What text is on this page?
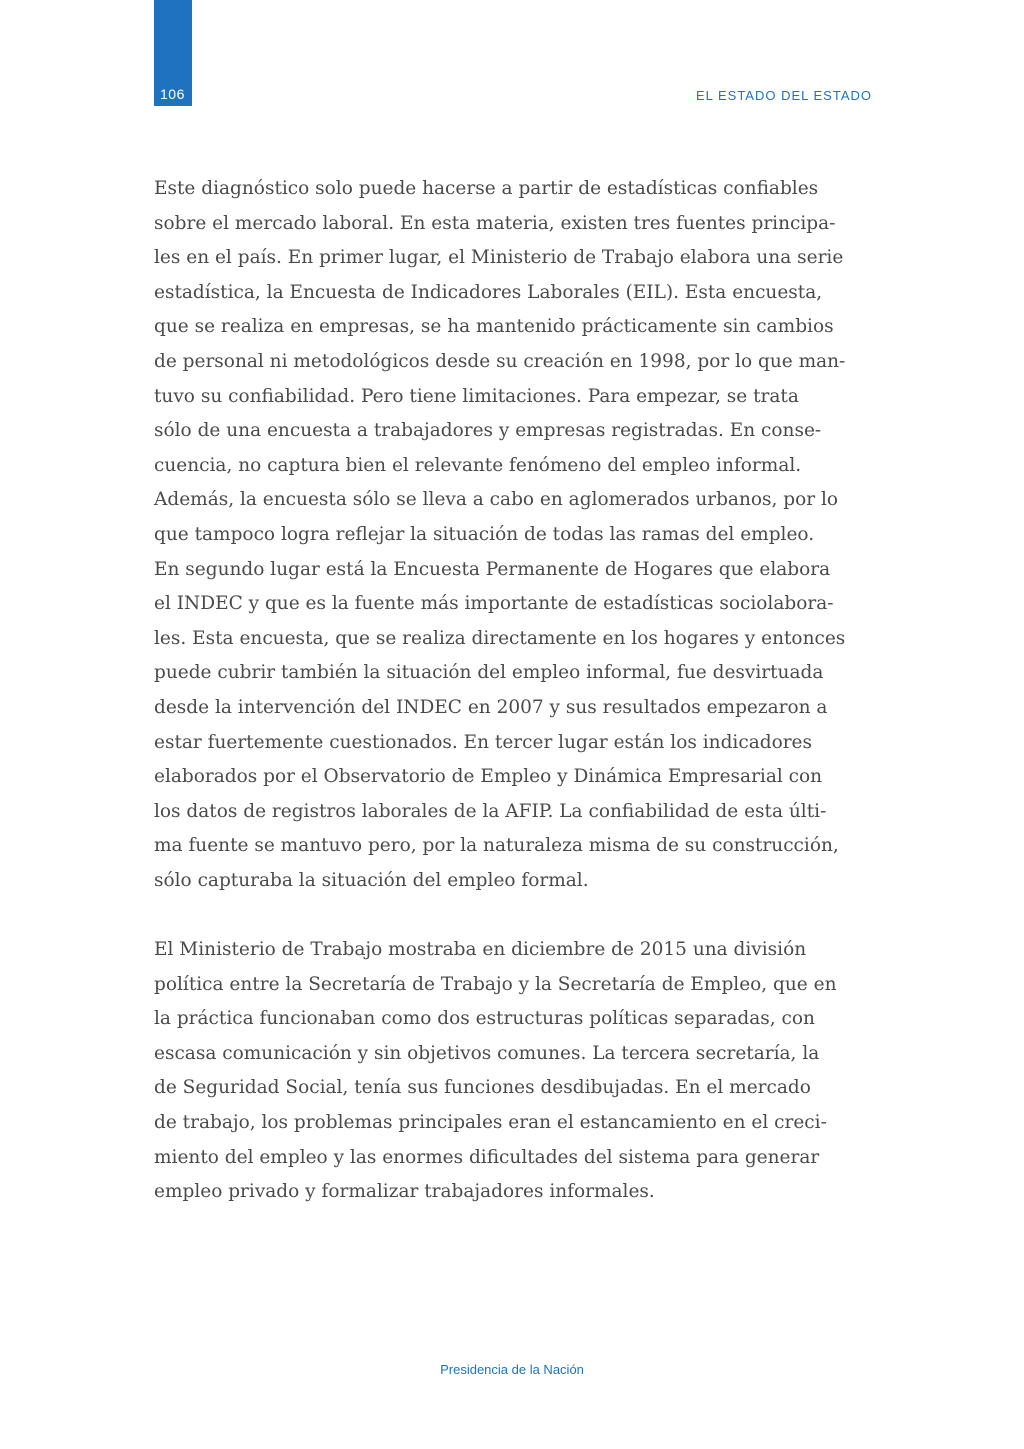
106	EL ESTADO DEL ESTADO

Este diagnóstico solo puede hacerse a partir de estadísticas confiables
sobre el mercado laboral. En esta materia, existen tres fuentes principa-
les en el país. En primer lugar, el Ministerio de Trabajo elabora una serie
estadística, la Encuesta de Indicadores Laborales (EIL). Esta encuesta,
que se realiza en empresas, se ha mantenido prácticamente sin cambios
de personal ni metodológicos desde su creación en 1998, por lo que man-
tuvo su confiabilidad. Pero tiene limitaciones. Para empezar, se trata
sólo de una encuesta a trabajadores y empresas registradas. En conse-
cuencia, no captura bien el relevante fenómeno del empleo informal.
Además, la encuesta sólo se lleva a cabo en aglomerados urbanos, por lo
que tampoco logra reflejar la situación de todas las ramas del empleo.
En segundo lugar está la Encuesta Permanente de Hogares que elabora
el INDEC y que es la fuente más importante de estadísticas sociolabora-
les. Esta encuesta, que se realiza directamente en los hogares y entonces
puede cubrir también la situación del empleo informal, fue desvirtuada
desde la intervención del INDEC en 2007 y sus resultados empezaron a
estar fuertemente cuestionados. En tercer lugar están los indicadores
elaborados por el Observatorio de Empleo y Dinámica Empresarial con
los datos de registros laborales de la AFIP. La confiabilidad de esta últi-
ma fuente se mantuvo pero, por la naturaleza misma de su construcción,
sólo capturaba la situación del empleo formal.

El Ministerio de Trabajo mostraba en diciembre de 2015 una división
política entre la Secretaría de Trabajo y la Secretaría de Empleo, que en
la práctica funcionaban como dos estructuras políticas separadas, con
escasa comunicación y sin objetivos comunes. La tercera secretaría, la
de Seguridad Social, tenía sus funciones desdibujadas. En el mercado
de trabajo, los problemas principales eran el estancamiento en el creci-
miento del empleo y las enormes dificultades del sistema para generar
empleo privado y formalizar trabajadores informales.

Presidencia de la Nación
